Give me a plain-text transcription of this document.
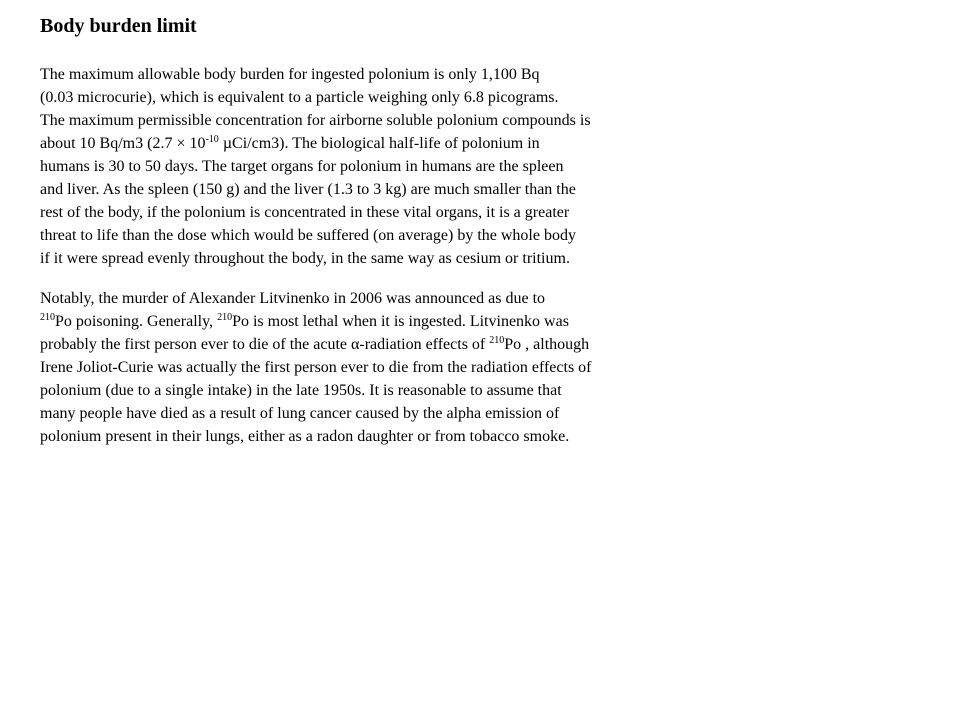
Body burden limit
The maximum allowable body burden for ingested polonium is only 1,100 Bq
(0.03 microcurie), which is equivalent to a particle weighing only 6.8 picograms.
The maximum permissible concentration for airborne soluble polonium compounds is
about 10 Bq/m3 ($2.7 \times 10^{-10}$ µCi/cm3). The biological half-life of polonium in
humans is 30 to 50 days. The target organs for polonium in humans are the spleen
and liver. As the spleen (150 g) and the liver (1.3 to 3 kg) are much smaller than the
rest of the body, if the polonium is concentrated in these vital organs, it is a greater
threat to life than the dose which would be suffered (on average) by the whole body
if it were spread evenly throughout the body, in the same way as cesium or tritium.
Notably, the murder of Alexander Litvinenko in 2006 was announced as due to
$^{210}$Po poisoning. Generally, $^{210}$Po is most lethal when it is ingested. Litvinenko was
probably the first person ever to die of the acute α-radiation effects of $^{210}$Po , although
Irene Joliot-Curie was actually the first person ever to die from the radiation effects of
polonium (due to a single intake) in the late 1950s. It is reasonable to assume that
many people have died as a result of lung cancer caused by the alpha emission of
polonium present in their lungs, either as a radon daughter or from tobacco smoke.
